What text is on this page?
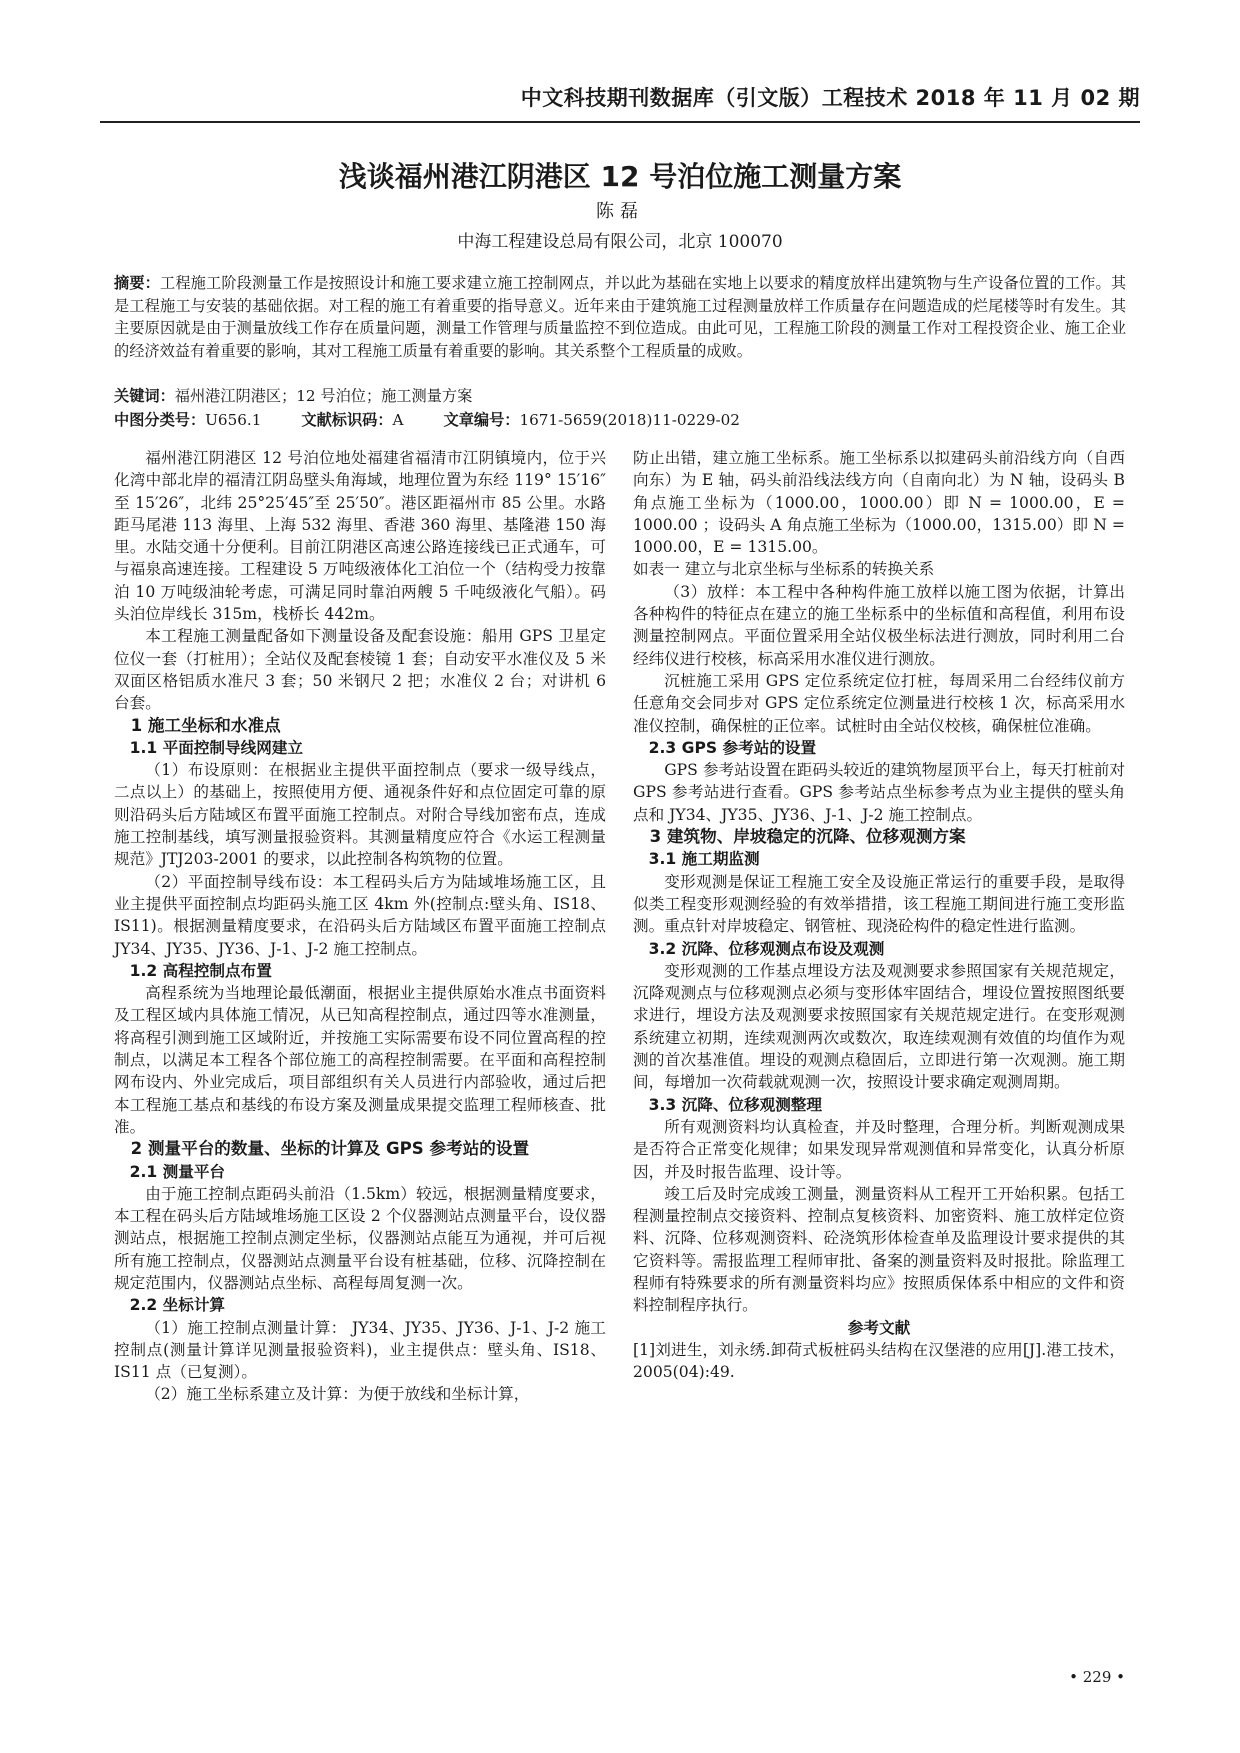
中文科技期刊数据库（引文版）工程技术 2018 年 11 月 02 期
浅谈福州港江阴港区 12 号泊位施工测量方案
陈磊
中海工程建设总局有限公司，北京 100070
摘要：工程施工阶段测量工作是按照设计和施工要求建立施工控制网点，并以此为基础在实地上以要求的精度放样出建筑物与生产设备位置的工作。其是工程施工与安装的基础依据。对工程的施工有着重要的指导意义。近年来由于建筑施工过程测量放样工作质量存在问题造成的烂尾楼等时有发生。其主要原因就是由于测量放线工作存在质量问题，测量工作管理与质量监控不到位造成。由此可见，工程施工阶段的测量工作对工程投资企业、施工企业的经济效益有着重要的影响，其对工程施工质量有着重要的影响。其关系整个工程质量的成败。
关键词：福州港江阴港区；12 号泊位；施工测量方案
中图分类号：U656.1	文献标识码：A	文章编号：1671-5659(2018)11-0229-02

福州港江阴港区 12 号泊位地处福建省福清市江阴镇境内，位于兴化湾中部北岸的福清江阴岛壁头角海域，地理位置为东经 119° 15′16″至 15′26″，北纬 25°25′45″至 25′50″。港区距福州市 85 公里。水路距马尾港 113 海里、上海 532 海里、香港 360 海里、基隆港 150 海里。水陆交通十分便利。目前江阴港区高速公路连接线已正式通车，可与福泉高速连接。工程建设 5 万吨级液体化工泊位一个（结构受力按靠泊 10 万吨级油轮考虑，可满足同时靠泊两艘 5 千吨级液化气船）。码头泊位岸线长 315m，栈桥长 442m。

本工程施工测量配备如下测量设备及配套设施：船用 GPS 卫星定位仪一套（打桩用）；全站仪及配套棱镜 1 套；自动安平水准仪及 5 米双面区格铝质水准尺 3 套；50 米钢尺 2 把；水准仪 2 台；对讲机 6 台套。

1 施工坐标和水准点

1.1 平面控制导线网建立

（1）布设原则：在根据业主提供平面控制点（要求一级导线点，二点以上）的基础上，按照使用方便、通视条件好和点位固定可靠的原则沿码头后方陆域区布置平面施工控制点。对附合导线加密布点，连成施工控制基线，填写测量报验资料。其测量精度应符合《水运工程测量规范》JTJ203-2001 的要求，以此控制各构筑物的位置。

（2）平面控制导线布设：本工程码头后方为陆域堆场施工区，且业主提供平面控制点均距码头施工区 4km 外(控制点:壁头角、IS18、IS11)。根据测量精度要求，在沿码头后方陆域区布置平面施工控制点 JY34、JY35、JY36、J-1、J-2 施工控制点。

1.2 高程控制点布置

高程系统为当地理论最低潮面，根据业主提供原始水准点书面资料及工程区域内具体施工情况，从已知高程控制点，通过四等水准测量，将高程引测到施工区域附近，并按施工实际需要布设不同位置高程的控制点，以满足本工程各个部位施工的高程控制需要。在平面和高程控制网布设内、外业完成后，项目部组织有关人员进行内部验收，通过后把本工程施工基点和基线的布设方案及测量成果提交监理工程师核查、批准。

2 测量平台的数量、坐标的计算及 GPS 参考站的设置

2.1 测量平台

由于施工控制点距码头前沿（1.5km）较远，根据测量精度要求，本工程在码头后方陆域堆场施工区设 2 个仪器测站点测量平台，设仪器测站点，根据施工控制点测定坐标，仪器测站点能互为通视，并可后视所有施工控制点，仪器测站点测量平台设有桩基础，位移、沉降控制在规定范围内，仪器测站点坐标、高程每周复测一次。

2.2 坐标计算

（1）施工控制点测量计算： JY34、JY35、JY36、J-1、J-2 施工控制点(测量计算详见测量报验资料)，业主提供点：壁头角、IS18、IS11 点（已复测）。

（2）施工坐标系建立及计算：为便于放线和坐标计算，

防止出错，建立施工坐标系。施工坐标系以拟建码头前沿线方向（自西向东）为 E 轴，码头前沿线法线方向（自南向北）为 N 轴，设码头 B 角点施工坐标为（1000.00，1000.00）即 N = 1000.00，E = 1000.00 ；设码头 A 角点施工坐标为（1000.00，1315.00）即 N = 1000.00，E = 1315.00。

如表一 建立与北京坐标与坐标系的转换关系

（3）放样：本工程中各种构件施工放样以施工图为依据，计算出各种构件的特征点在建立的施工坐标系中的坐标值和高程值，利用布设测量控制网点。平面位置采用全站仪极坐标法进行测放，同时利用二台经纬仪进行校核，标高采用水准仪进行测放。

沉桩施工采用 GPS 定位系统定位打桩，每周采用二台经纬仪前方任意角交会同步对 GPS 定位系统定位测量进行校核 1 次，标高采用水准仪控制，确保桩的正位率。试桩时由全站仪校核，确保桩位准确。

2.3 GPS 参考站的设置

GPS 参考站设置在距码头较近的建筑物屋顶平台上，每天打桩前对 GPS 参考站进行查看。GPS 参考站点坐标参考点为业主提供的壁头角点和 JY34、JY35、JY36、J-1、J-2 施工控制点。

3 建筑物、岸坡稳定的沉降、位移观测方案

3.1 施工期监测

变形观测是保证工程施工安全及设施正常运行的重要手段，是取得似类工程变形观测经验的有效举措措，该工程施工期间进行施工变形监测。重点针对岸坡稳定、钢管桩、现浇砼构件的稳定性进行监测。

3.2 沉降、位移观测点布设及观测

变形观测的工作基点埋设方法及观测要求参照国家有关规范规定，沉降观测点与位移观测点必须与变形体牢固结合，埋设位置按照图纸要求进行，埋设方法及观测要求按照国家有关规范规定进行。在变形观测系统建立初期，连续观测两次或数次，取连续观测有效值的均值作为观测的首次基准值。埋设的观测点稳固后，立即进行第一次观测。施工期间，每增加一次荷载就观测一次，按照设计要求确定观测周期。

3.3 沉降、位移观测整理

所有观测资料均认真检查，并及时整理，合理分析。判断观测成果是否符合正常变化规律；如果发现异常观测值和异常变化，认真分析原因，并及时报告监理、设计等。

竣工后及时完成竣工测量，测量资料从工程开工开始积累。包括工程测量控制点交接资料、控制点复核资料、加密资料、施工放样定位资料、沉降、位移观测资料、砼浇筑形体检查单及监理设计要求提供的其它资料等。需报监理工程师审批、备案的测量资料及时报批。除监理工程师有特殊要求的所有测量资料均应》按照质保体系中相应的文件和资料控制程序执行。

参考文献

[1]刘进生，刘永绣.卸荷式板桩码头结构在汉堡港的应用[J].港工技术，2005(04):49.

• 229 •
